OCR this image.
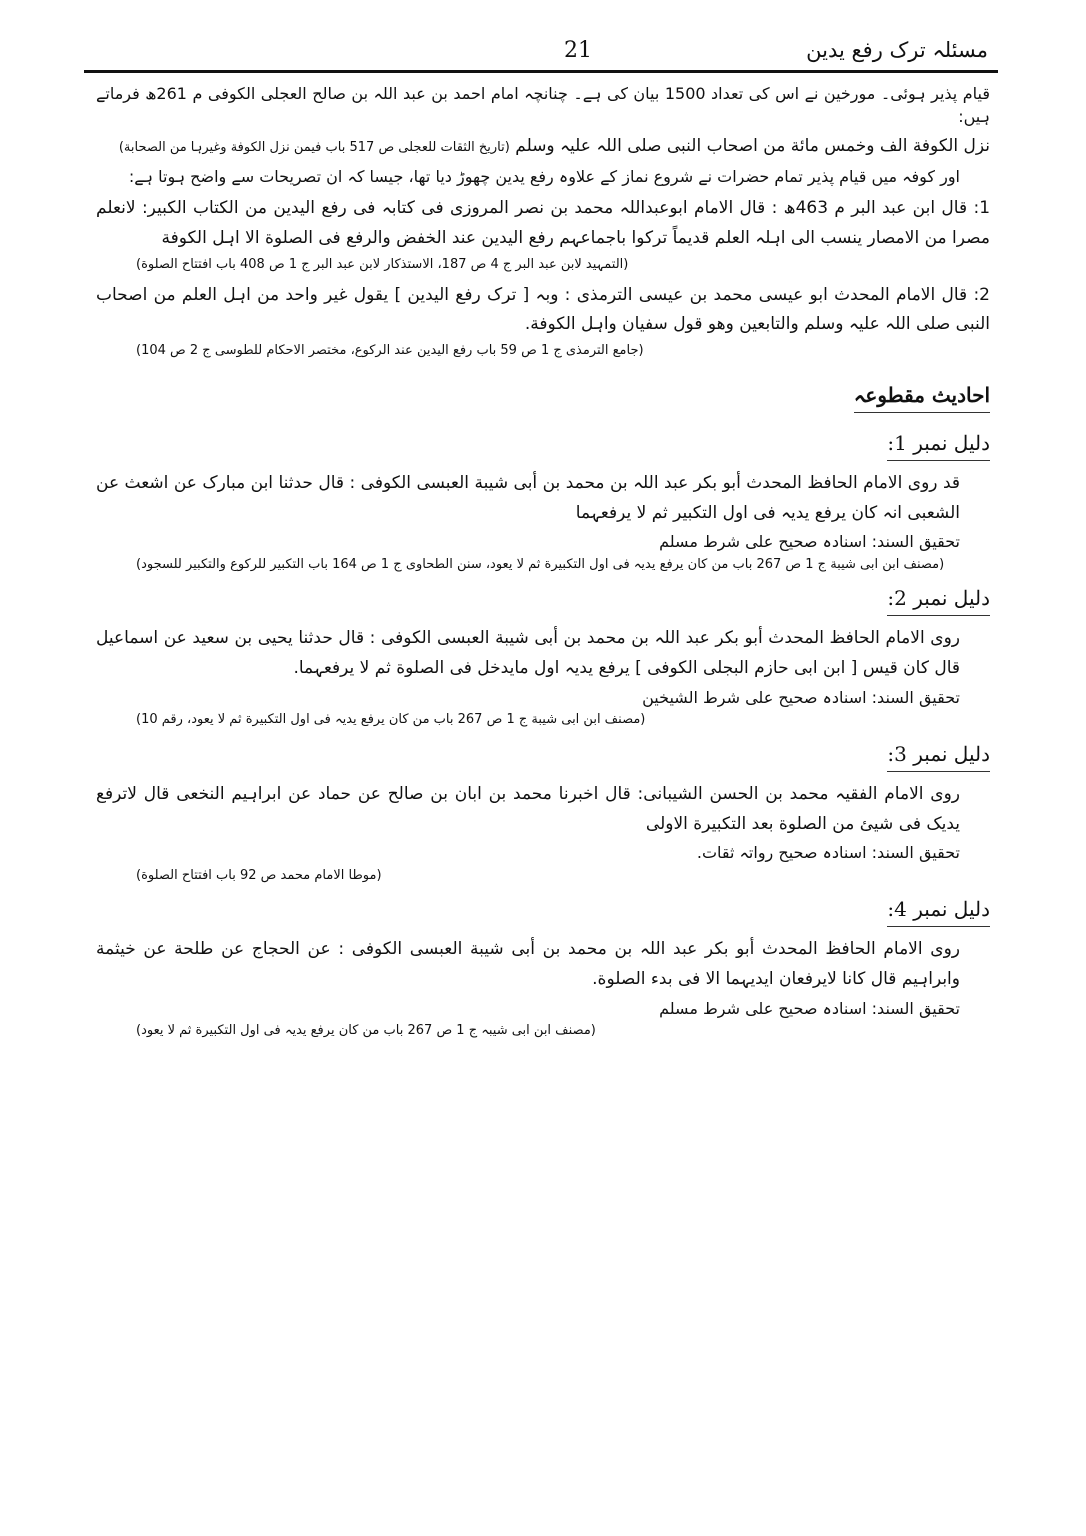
مسئلہ ترک رفع یدین
21

قیام پذیر ہوئی۔ مورخین نے اس کی تعداد 1500 بیان کی ہے۔ چنانچہ امام احمد بن عبد اللہ بن صالح العجلی الکوفی م 261ھ فرماتے ہیں:

نزل الکوفة الف وخمس مائة من اصحاب النبی صلی اللہ علیہ وسلم (تاریخ الثقات للعجلی ص 517 باب فیمن نزل الکوفة وغیرہا من الصحابة)

اور کوفہ میں قیام پذیر تمام حضرات نے شروع نماز کے علاوہ رفع یدین چھوڑ دیا تھا، جیسا کہ ان تصریحات سے واضح ہوتا ہے:

1: قال ابن عبد البر م 463ھ : قال الامام ابوعبداللہ محمد بن نصر المروزی فی کتابہ فی رفع الیدین من الکتاب الکبیر: لانعلم مصرا من الامصار ینسب الی اہلہ العلم قدیماً ترکوا باجماعہم رفع الیدین عند الخفض والرفع فی الصلوة الا اہل الکوفة

(التمہید لابن عبد البر ج 4 ص 187، الاستذکار لابن عبد البر ج 1 ص 408 باب افتتاح الصلوة)

2: قال الامام المحدث ابو عیسی محمد بن عیسی الترمذی : وبہ [ ترک رفع الیدین ] یقول غیر واحد من اہل العلم من اصحاب النبی صلی اللہ علیہ وسلم والتابعین وھو قول سفیان واہل الکوفة.

(جامع الترمذی ج 1 ص 59 باب رفع الیدین عند الرکوع، مختصر الاحکام للطوسی ج 2 ص 104)

احادیث مقطوعہ
دلیل نمبر 1:

قد روی الامام الحافظ المحدث أبو بکر عبد اللہ بن محمد بن أبی شیبة العبسی الکوفی : قال حدثنا ابن مبارک عن اشعث عن الشعبی انہ کان یرفع یدیہ فی اول التکبیر ثم لا یرفعہما

تحقیق السند: اسنادہ صحیح علی شرط مسلم

(مصنف ابن ابی شیبة ج 1 ص 267 باب من کان یرفع یدیہ فی اول التکبیرة ثم لا یعود، سنن الطحاوی ج 1 ص 164 باب التکبیر للرکوع والتکبیر للسجود)

دلیل نمبر 2:

روی الامام الحافظ المحدث أبو بکر عبد اللہ بن محمد بن أبی شیبة العبسی الکوفی : قال حدثنا یحیی بن سعید عن اسماعیل قال کان قیس [ ابن ابی حازم البجلی الکوفی ] یرفع یدیہ اول مایدخل فی الصلوة ثم لا یرفعہما.

تحقیق السند: اسنادہ صحیح علی شرط الشیخین

(مصنف ابن ابی شیبة ج 1 ص 267 باب من کان یرفع یدیہ فی اول التکبیرة ثم لا یعود، رقم 10)

دلیل نمبر 3:

روی الامام الفقیہ محمد بن الحسن الشیبانی: قال اخبرنا محمد بن ابان بن صالح عن حماد عن ابراہیم النخعی قال لاترفع یدیک فی شیئ من الصلوة بعد التکبیرة الاولی

تحقیق السند: اسنادہ صحیح رواتہ ثقات.

(موطا الامام محمد ص 92 باب افتتاح الصلوة)

دلیل نمبر 4:

روی الامام الحافظ المحدث أبو بکر عبد اللہ بن محمد بن أبی شیبة العبسی الکوفی : عن الحجاج عن طلحة عن خیثمة وابراہیم قال کانا لایرفعان ایدیہما الا فی بدء الصلوة.

تحقیق السند: اسنادہ صحیح علی شرط مسلم

(مصنف ابن ابی شیبہ ج 1 ص 267 باب من کان یرفع یدیہ فی اول التکبیرة ثم لا یعود)
